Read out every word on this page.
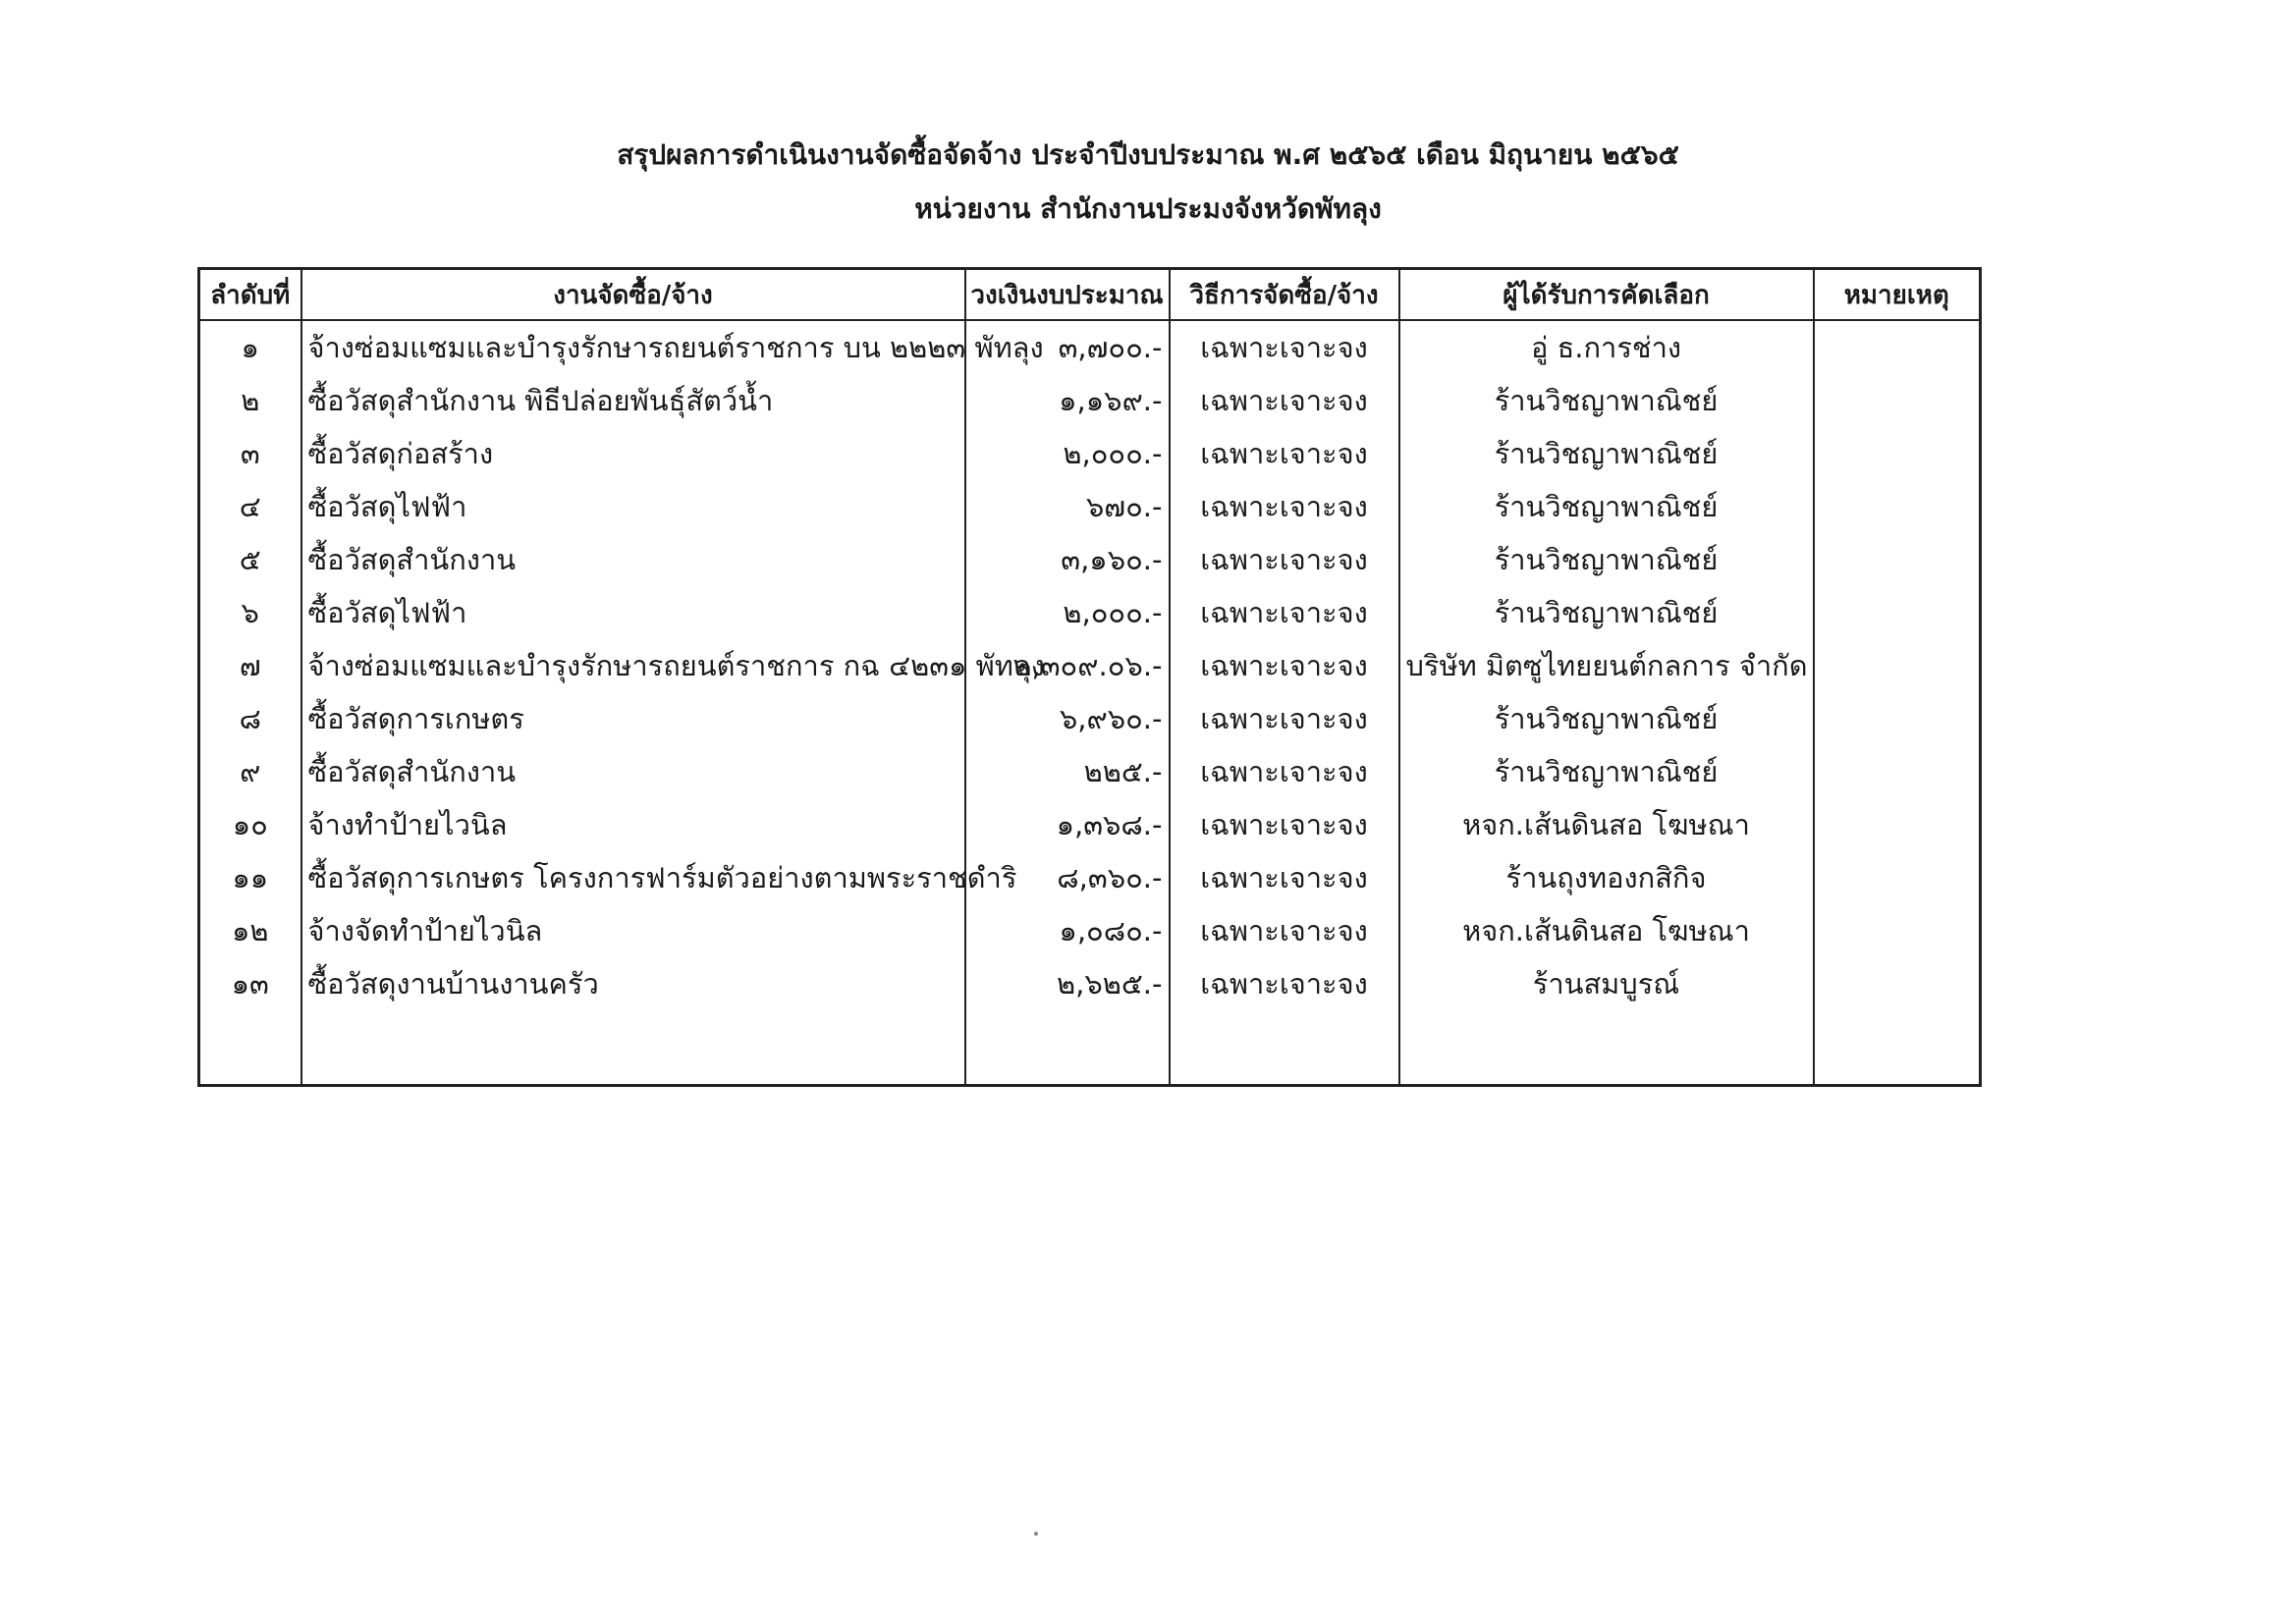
สรุปผลการดำเนินงานจัดซื้อจัดจ้าง ประจำปีงบประมาณ พ.ศ ๒๕๖๕ เดือน มิถุนายน ๒๕๖๕
หน่วยงาน สำนักงานประมงจังหวัดพัทลุง
ลำดับที่	งานจัดซื้อ/จ้าง	วงเงินงบประมาณ	วิธีการจัดซื้อ/จ้าง	ผู้ได้รับการคัดเลือก	หมายเหตุ
๑	จ้างซ่อมแซมและบำรุงรักษารถยนต์ราชการ บน ๒๒๒๓ พัทลุง	๓,๗๐๐.-	เฉพาะเจาะจง	อู่ ธ.การช่าง	
๒	ซื้อวัสดุสำนักงาน พิธีปล่อยพันธุ์สัตว์น้ำ	๑,๑๖๙.-	เฉพาะเจาะจง	ร้านวิชญาพาณิชย์	
๓	ซื้อวัสดุก่อสร้าง	๒,๐๐๐.-	เฉพาะเจาะจง	ร้านวิชญาพาณิชย์	
๔	ซื้อวัสดุไฟฟ้า	๖๗๐.-	เฉพาะเจาะจง	ร้านวิชญาพาณิชย์	
๕	ซื้อวัสดุสำนักงาน	๓,๑๖๐.-	เฉพาะเจาะจง	ร้านวิชญาพาณิชย์	
๖	ซื้อวัสดุไฟฟ้า	๒,๐๐๐.-	เฉพาะเจาะจง	ร้านวิชญาพาณิชย์	
๗	จ้างซ่อมแซมและบำรุงรักษารถยนต์ราชการ กฉ ๔๒๓๑ พัทลุง	๒,๓๐๙.๐๖.-	เฉพาะเจาะจง	บริษัท มิตซูไทยยนต์กลการ จำกัด	
๘	ซื้อวัสดุการเกษตร	๖,๙๖๐.-	เฉพาะเจาะจง	ร้านวิชญาพาณิชย์	
๙	ซื้อวัสดุสำนักงาน	๒๒๕.-	เฉพาะเจาะจง	ร้านวิชญาพาณิชย์	
๑๐	จ้างทำป้ายไวนิล	๑,๓๖๘.-	เฉพาะเจาะจง	หจก.เส้นดินสอ โฆษณา	
๑๑	ซื้อวัสดุการเกษตร โครงการฟาร์มตัวอย่างตามพระราชดำริ	๘,๓๖๐.-	เฉพาะเจาะจง	ร้านถุงทองกสิกิจ	
๑๒	จ้างจัดทำป้ายไวนิล	๑,๐๘๐.-	เฉพาะเจาะจง	หจก.เส้นดินสอ โฆษณา	
๑๓	ซื้อวัสดุงานบ้านงานครัว	๒,๖๒๕.-	เฉพาะเจาะจง	ร้านสมบูรณ์	
